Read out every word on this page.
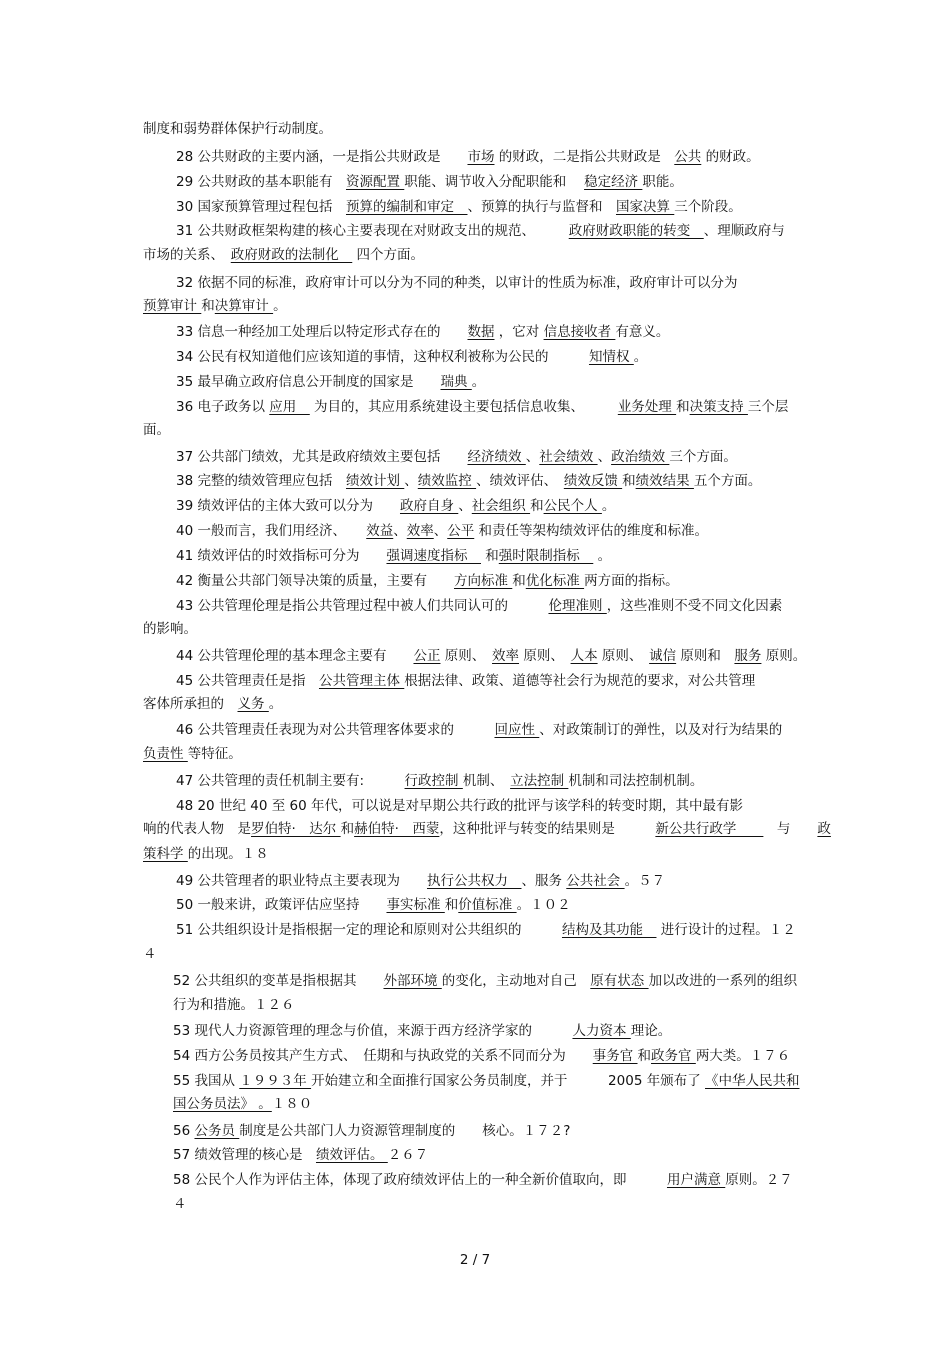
制度和弱势群体保护行动制度。
28 公共财政的主要内涵，一是指公共财政是　　市场 的财政，二是指公共财政是　公共 的财政。
29 公共财政的基本职能有　资源配置 职能、调节收入分配职能和　 稳定经济 职能。
30 国家预算管理过程包括　预算的编制和审定　、预算的执行与监督和　国家决算 三个阶段。
31 公共财政框架构建的核心主要表现在对财政支出的规范、　　　政府财政职能的转变　、理顺政府与
市场的关系、　政府财政的法制化　 四个方面。
32 依据不同的标准，政府审计可以分为不同的种类，以审计的性质为标准，政府审计可以分为
预算审计 和决算审计 。
33 信息一种经加工处理后以特定形式存在的　　数据 ，它对 信息接收者 有意义。
34 公民有权知道他们应该知道的事情，这种权利被称为公民的　　　知情权 。
35 最早确立政府信息公开制度的国家是　　瑞典 。
36 电子政务以 应用　 为目的，其应用系统建设主要包括信息收集、　　　业务处理 和决策支持 三个层
面。
37 公共部门绩效，尤其是政府绩效主要包括　　经济绩效 、社会绩效 、政治绩效 三个方面。
38 完整的绩效管理应包括　绩效计划 、绩效监控 、绩效评估、　绩效反馈 和绩效结果 五个方面。
39 绩效评估的主体大致可以分为　　政府自身 、社会组织 和公民个人 。
40 一般而言，我们用经济、　　效益、效率、公平 和责任等架构绩效评估的维度和标准。
41 绩效评估的时效指标可分为　　强调速度指标　 和强时限制指标　 。
42 衡量公共部门领导决策的质量，主要有　　方向标准 和优化标准 两方面的指标。
43 公共管理伦理是指公共管理过程中被人们共同认可的　　　伦理准则 ，这些准则不受不同文化因素
的影响。
44 公共管理伦理的基本理念主要有　　公正 原则、　效率 原则、　人本 原则、　诚信 原则和　服务 原则。
45 公共管理责任是指　公共管理主体 根据法律、政策、道德等社会行为规范的要求，对公共管理
客体所承担的　义务 。
46 公共管理责任表现为对公共管理客体要求的　　　回应性 、对政策制订的弹性，以及对行为结果的
负责性 等特征。
47 公共管理的责任机制主要有:　　　行政控制 机制、　立法控制 机制和司法控制机制。
48 20 世纪 40 至 60 年代，可以说是对早期公共行政的批评与该学科的转变时期，其中最有影
响的代表人物　是罗伯特·　达尔 和赫伯特·　西蒙，这种批评与转变的结果则是　　　新公共行政学　　　与　　政
策科学 的出现。１８
49 公共管理者的职业特点主要表现为　　执行公共权力　、服务 公共社会 。５７
50 一般来讲，政策评估应坚持　　事实标准 和价值标准 。１０２
51 公共组织设计是指根据一定的理论和原则对公共组织的　　　结构及其功能　 进行设计的过程。１２
４
52 公共组织的变革是指根据其　　外部环境 的变化，主动地对自己　原有状态 加以改进的一系列的组织
行为和措施。１２６
53 现代人力资源管理的理念与价值，来源于西方经济学家的　　　人力资本 理论。
54 西方公务员按其产生方式、　任期和与执政党的关系不同而分为　　事务官 和政务官 两大类。１７６
55 我国从 １９９３年 开始建立和全面推行国家公务员制度，并于　　　2005 年颁布了 《中华人民共和
国公务员法》 。１８０
56 公务员 制度是公共部门人力资源管理制度的　　核心。１７２?
57 绩效管理的核心是　绩效评估。 ２６７
58 公民个人作为评估主体，体现了政府绩效评估上的一种全新价值取向，即　　　用户满意 原则。２７
４
2 / 7
